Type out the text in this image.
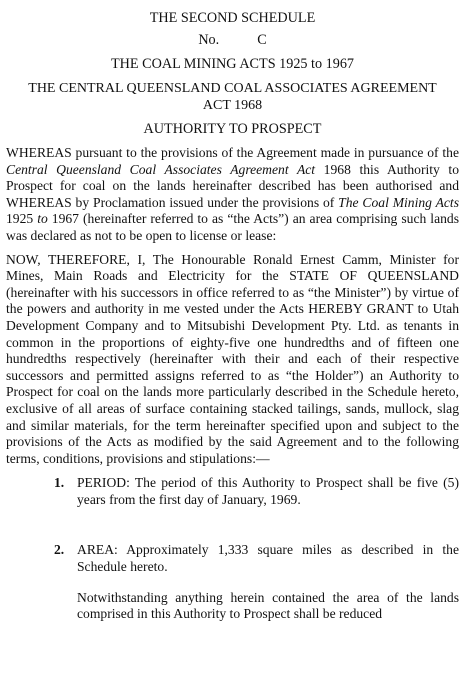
THE SECOND SCHEDULE
No.	C
THE COAL MINING ACTS 1925 to 1967
THE CENTRAL QUEENSLAND COAL ASSOCIATES AGREEMENT
ACT 1968
AUTHORITY TO PROSPECT

WHEREAS pursuant to the provisions of the Agreement made in pursuance of the Central Queensland Coal Associates Agreement Act 1968 this Authority to Prospect for coal on the lands hereinafter described has been authorised and WHEREAS by Proclamation issued under the provisions of The Coal Mining Acts 1925 to 1967 (hereinafter referred to as “the Acts”) an area comprising such lands was declared as not to be open to license or lease:

NOW, THEREFORE, I, The Honourable Ronald Ernest Camm, Minister for Mines, Main Roads and Electricity for the STATE OF QUEENSLAND (hereinafter with his successors in office referred to as “the Minister”) by virtue of the powers and authority in me vested under the Acts HEREBY GRANT to Utah Development Company and to Mitsubishi Development Pty. Ltd. as tenants in common in the proportions of eighty-five one hundredths and of fifteen one hundredths respectively (hereinafter with their and each of their respective successors and permitted assigns referred to as “the Holder”) an Authority to Prospect for coal on the lands more particularly described in the Schedule hereto, exclusive of all areas of surface containing stacked tailings, sands, mullock, slag and similar materials, for the term hereinafter specified upon and subject to the provisions of the Acts as modified by the said Agreement and to the following terms, conditions, provisions and stipulations:—

1. PERIOD: The period of this Authority to Prospect shall be five (5) years from the first day of January, 1969.
2. AREA: Approximately 1,333 square miles as described in the Schedule hereto.
Notwithstanding anything herein contained the area of the lands comprised in this Authority to Prospect shall be reduced
